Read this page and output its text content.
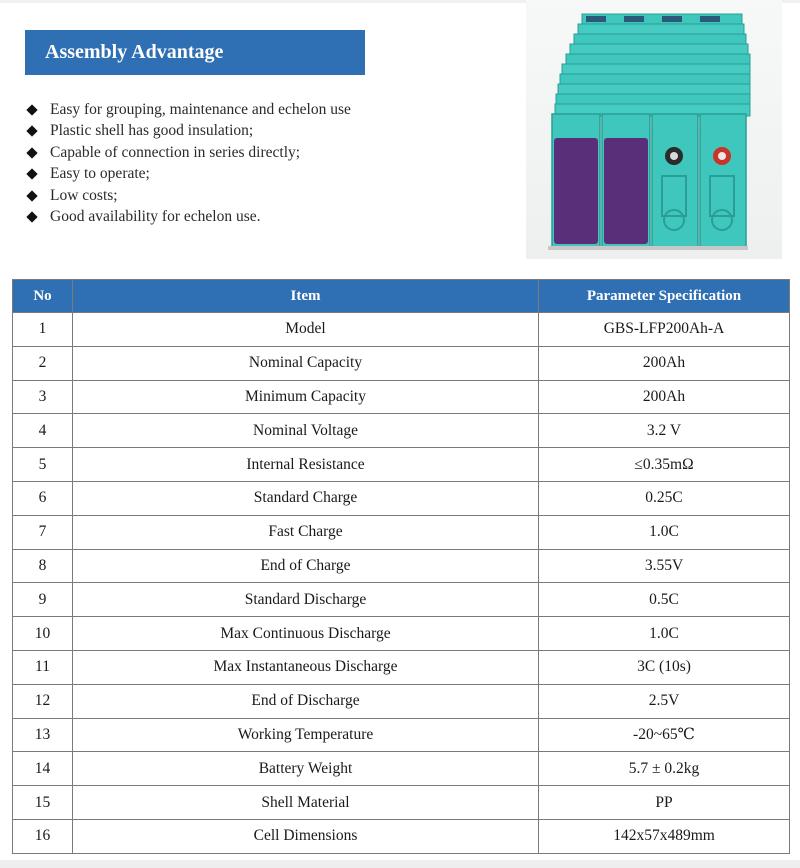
Assembly Advantage
Easy for grouping, maintenance and echelon use
Plastic shell has good insulation;
Capable of connection in series directly;
Easy to operate;
Low costs;
Good availability for echelon use.
No	Item	Parameter Specification
1	Model	GBS-LFP200Ah-A
2	Nominal Capacity	200Ah
3	Minimum Capacity	200Ah
4	Nominal Voltage	3.2 V
5	Internal Resistance	≤0.35mΩ
6	Standard Charge	0.25C
7	Fast Charge	1.0C
8	End of Charge	3.55V
9	Standard Discharge	0.5C
10	Max Continuous Discharge	1.0C
11	Max Instantaneous Discharge	3C (10s)
12	End of Discharge	2.5V
13	Working Temperature	-20~65℃
14	Battery Weight	5.7 ± 0.2kg
15	Shell Material	PP
16	Cell Dimensions	142x57x489mm
